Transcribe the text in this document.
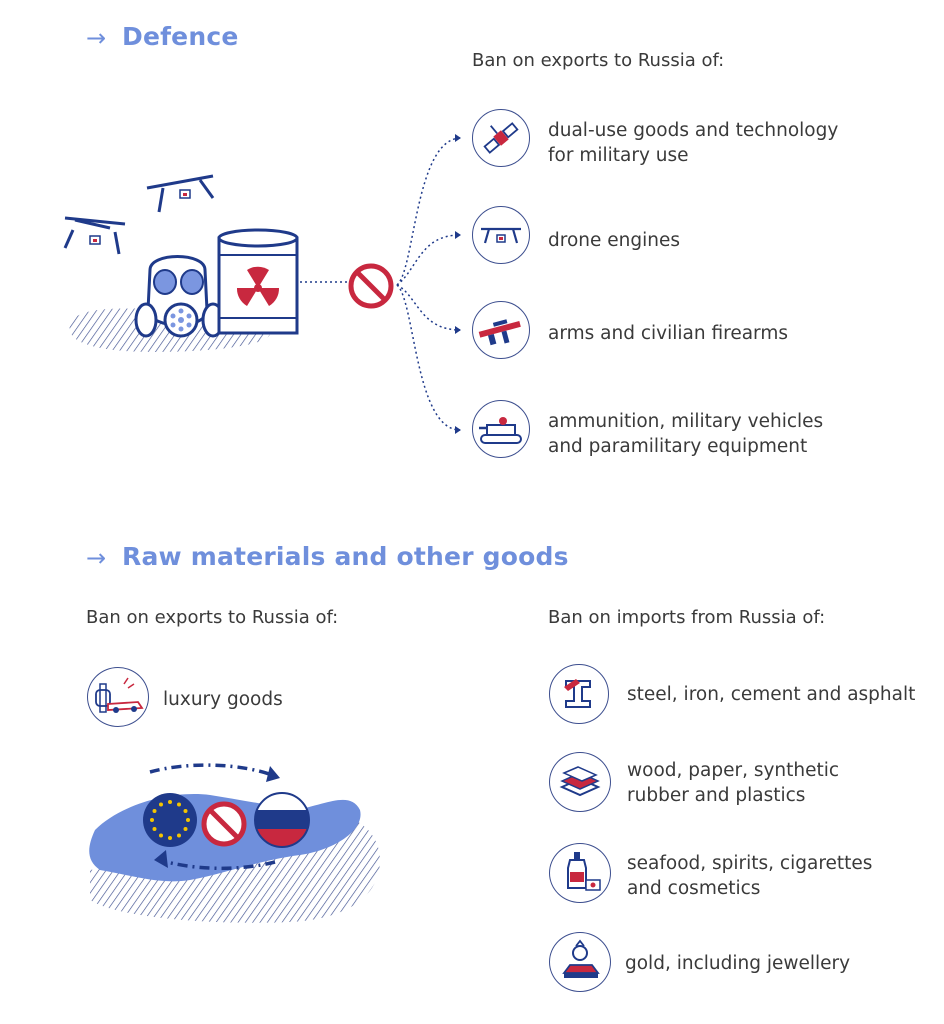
→ Defence
Ban on exports to Russia of:
dual-use goods and technology
for military use
drone engines
arms and civilian firearms
ammunition, military vehicles
and paramilitary equipment
→ Raw materials and other goods
Ban on exports to Russia of:	Ban on imports from Russia of:
luxury goods	steel, iron, cement and asphalt
wood, paper, synthetic
rubber and plastics
seafood, spirits, cigarettes
and cosmetics
gold, including jewellery
